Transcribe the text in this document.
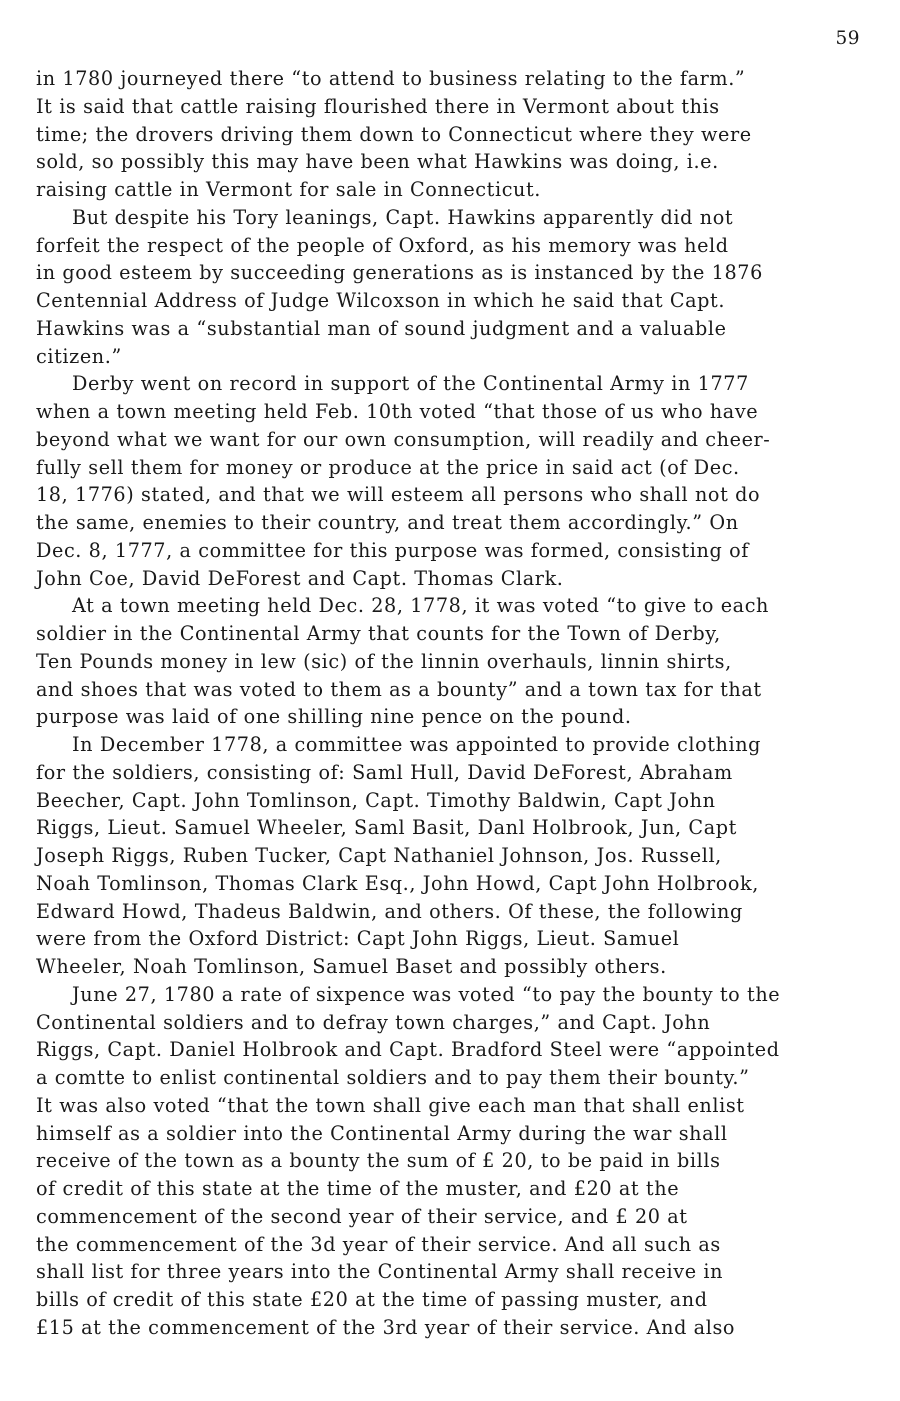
59
in 1780 journeyed there “to attend to business relating to the farm.”
It is said that cattle raising flourished there in Vermont about this
time; the drovers driving them down to Connecticut where they were
sold, so possibly this may have been what Hawkins was doing, i.e.
raising cattle in Vermont for sale in Connecticut.
But despite his Tory leanings, Capt. Hawkins apparently did not
forfeit the respect of the people of Oxford, as his memory was held
in good esteem by succeeding generations as is instanced by the 1876
Centennial Address of Judge Wilcoxson in which he said that Capt.
Hawkins was a “substantial man of sound judgment and a valuable
citizen.”
Derby went on record in support of the Continental Army in 1777
when a town meeting held Feb. 10th voted “that those of us who have
beyond what we want for our own consumption, will readily and cheer-
fully sell them for money or produce at the price in said act (of Dec.
18, 1776) stated, and that we will esteem all persons who shall not do
the same, enemies to their country, and treat them accordingly.” On
Dec. 8, 1777, a committee for this purpose was formed, consisting of
John Coe, David DeForest and Capt. Thomas Clark.
At a town meeting held Dec. 28, 1778, it was voted “to give to each
soldier in the Continental Army that counts for the Town of Derby,
Ten Pounds money in lew (sic) of the linnin overhauls, linnin shirts,
and shoes that was voted to them as a bounty” and a town tax for that
purpose was laid of one shilling nine pence on the pound.
In December 1778, a committee was appointed to provide clothing
for the soldiers, consisting of: Saml Hull, David DeForest, Abraham
Beecher, Capt. John Tomlinson, Capt. Timothy Baldwin, Capt John
Riggs, Lieut. Samuel Wheeler, Saml Basit, Danl Holbrook, Jun, Capt
Joseph Riggs, Ruben Tucker, Capt Nathaniel Johnson, Jos. Russell,
Noah Tomlinson, Thomas Clark Esq., John Howd, Capt John Holbrook,
Edward Howd, Thadeus Baldwin, and others. Of these, the following
were from the Oxford District: Capt John Riggs, Lieut. Samuel
Wheeler, Noah Tomlinson, Samuel Baset and possibly others.
June 27, 1780 a rate of sixpence was voted “to pay the bounty to the
Continental soldiers and to defray town charges,” and Capt. John
Riggs, Capt. Daniel Holbrook and Capt. Bradford Steel were “appointed
a comtte to enlist continental soldiers and to pay them their bounty.”
It was also voted “that the town shall give each man that shall enlist
himself as a soldier into the Continental Army during the war shall
receive of the town as a bounty the sum of £ 20, to be paid in bills
of credit of this state at the time of the muster, and £20 at the
commencement of the second year of their service, and £ 20 at
the commencement of the 3d year of their service. And all such as
shall list for three years into the Continental Army shall receive in
bills of credit of this state £20 at the time of passing muster, and
£15 at the commencement of the 3rd year of their service. And also
